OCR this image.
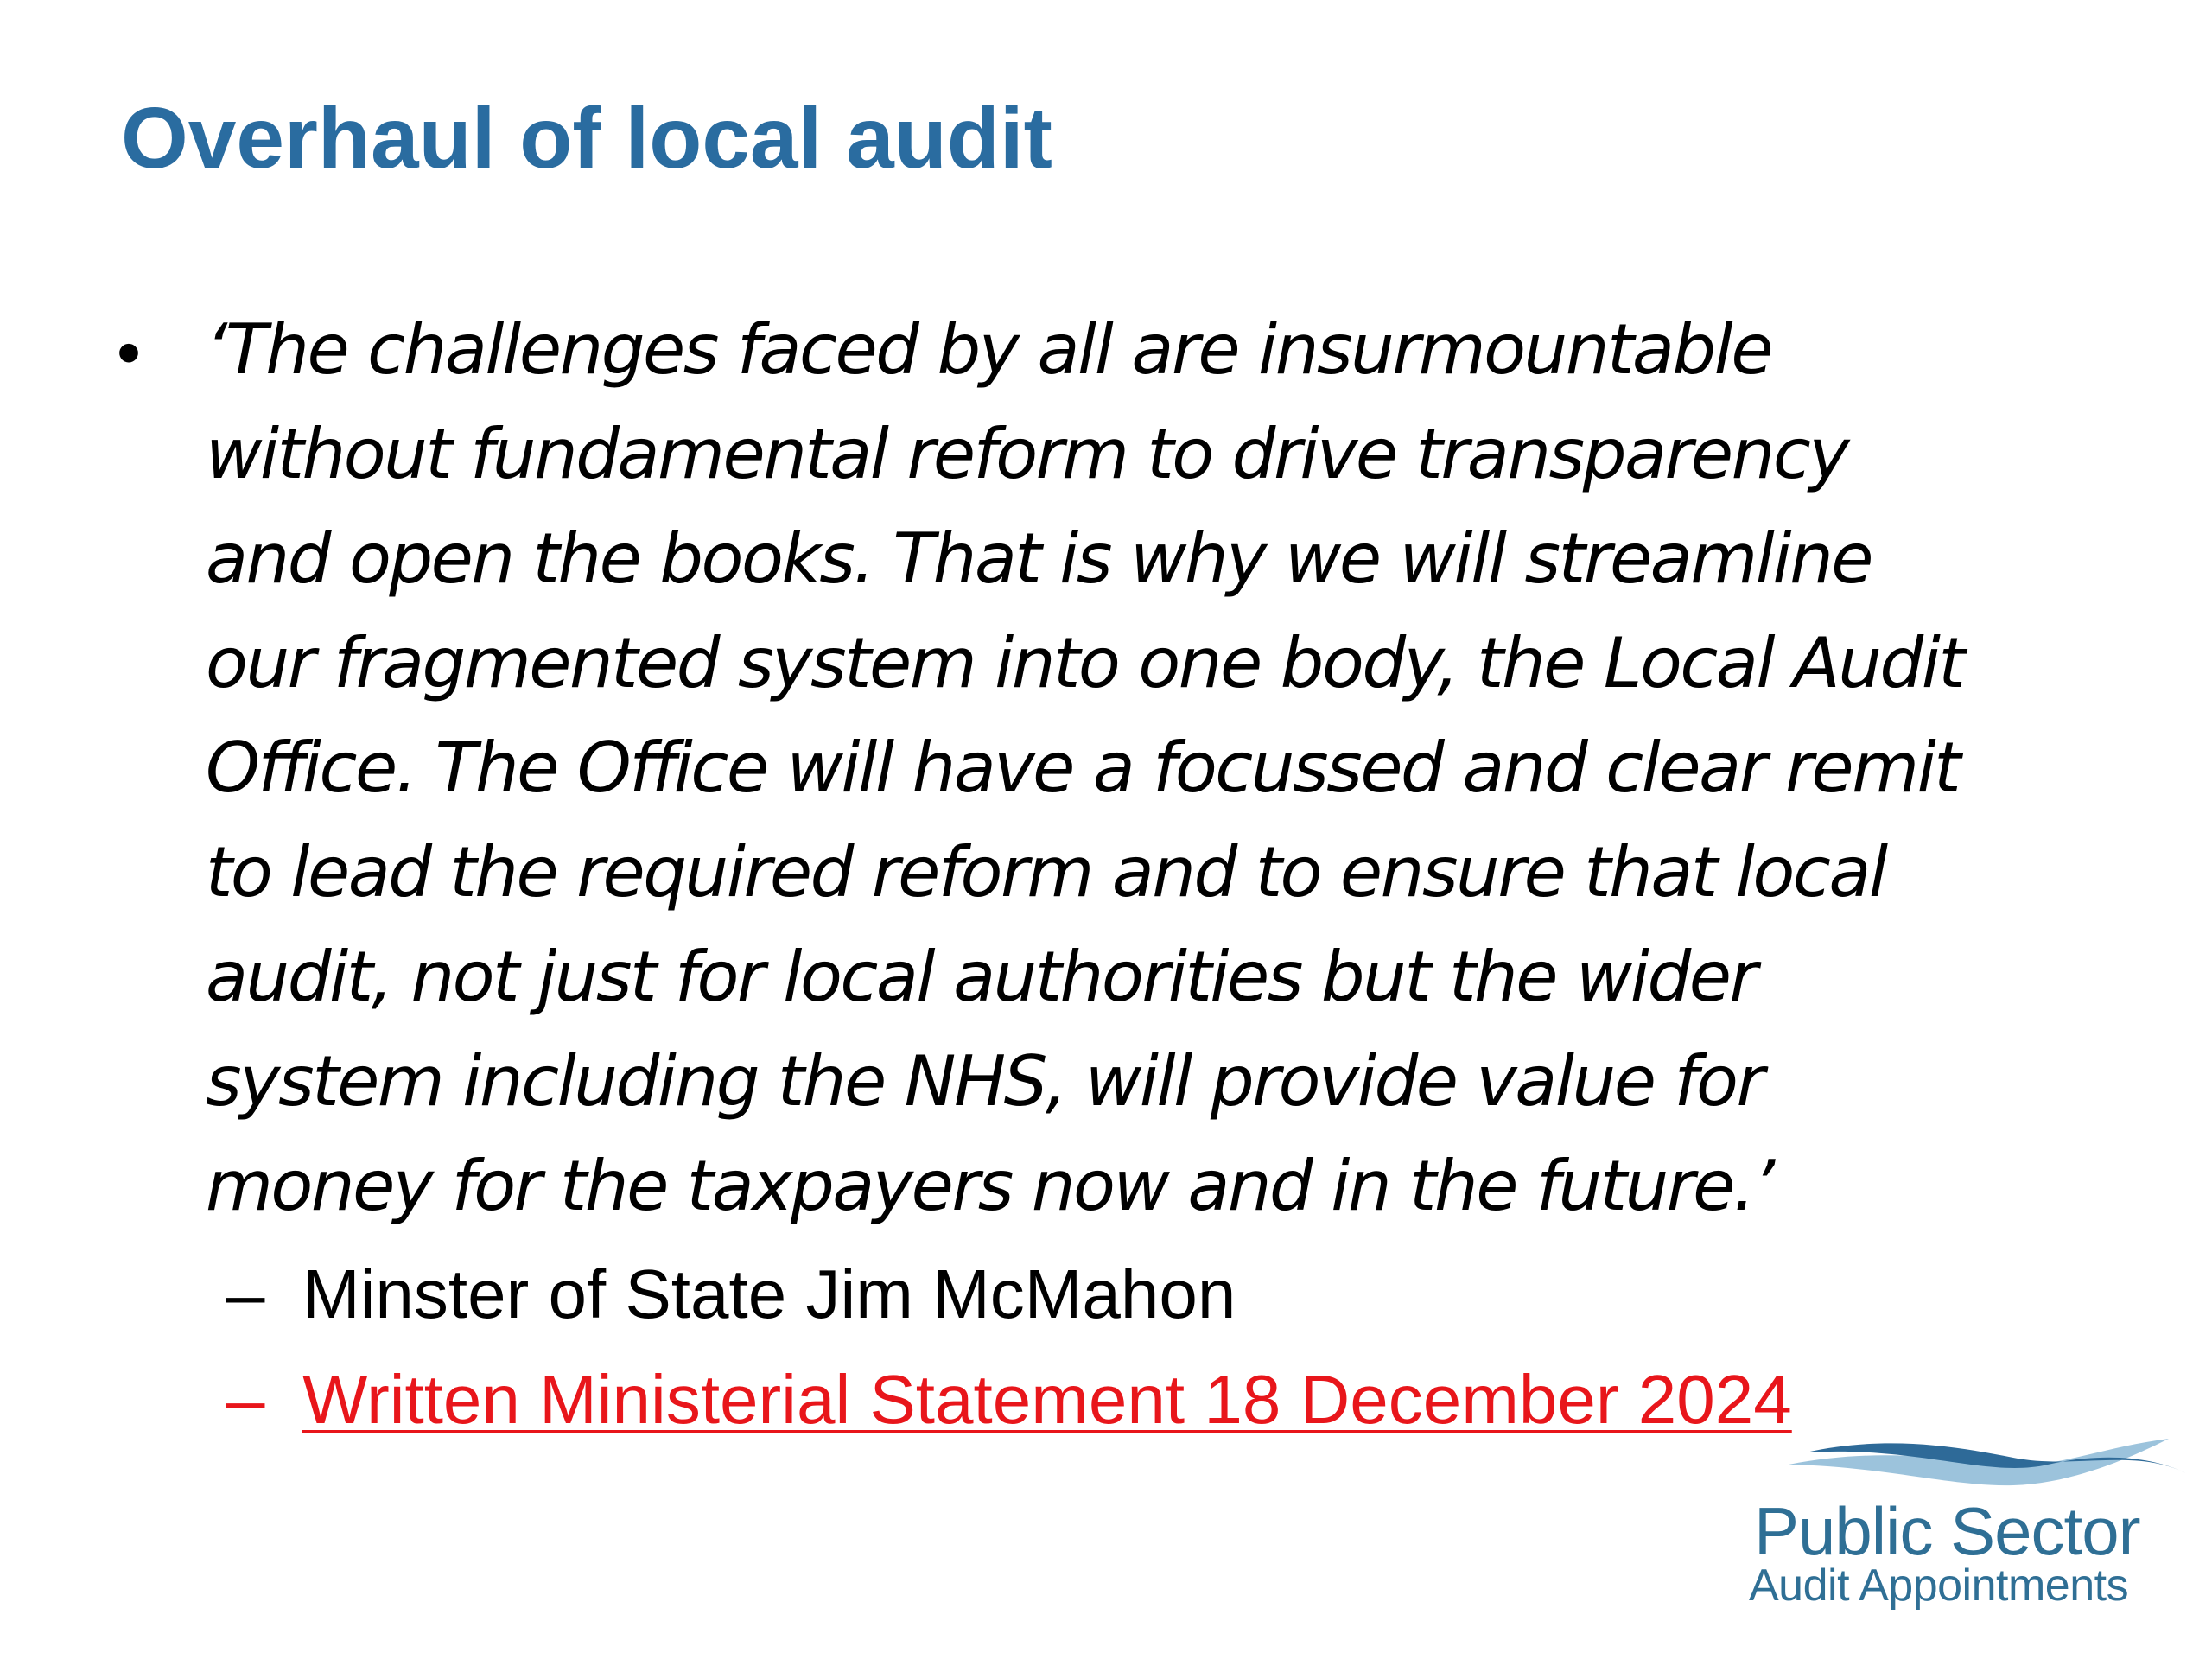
Overhaul of local audit
• ‘The challenges faced by all are insurmountable
without fundamental reform to drive transparency
and open the books. That is why we will streamline
our fragmented system into one body, the Local Audit
Office. The Office will have a focussed and clear remit
to lead the required reform and to ensure that local
audit, not just for local authorities but the wider
system including the NHS, will provide value for
money for the taxpayers now and in the future.’

– Minster of State Jim McMahon
– Written Ministerial Statement 18 December 2024
Public Sector
Audit Appointments
